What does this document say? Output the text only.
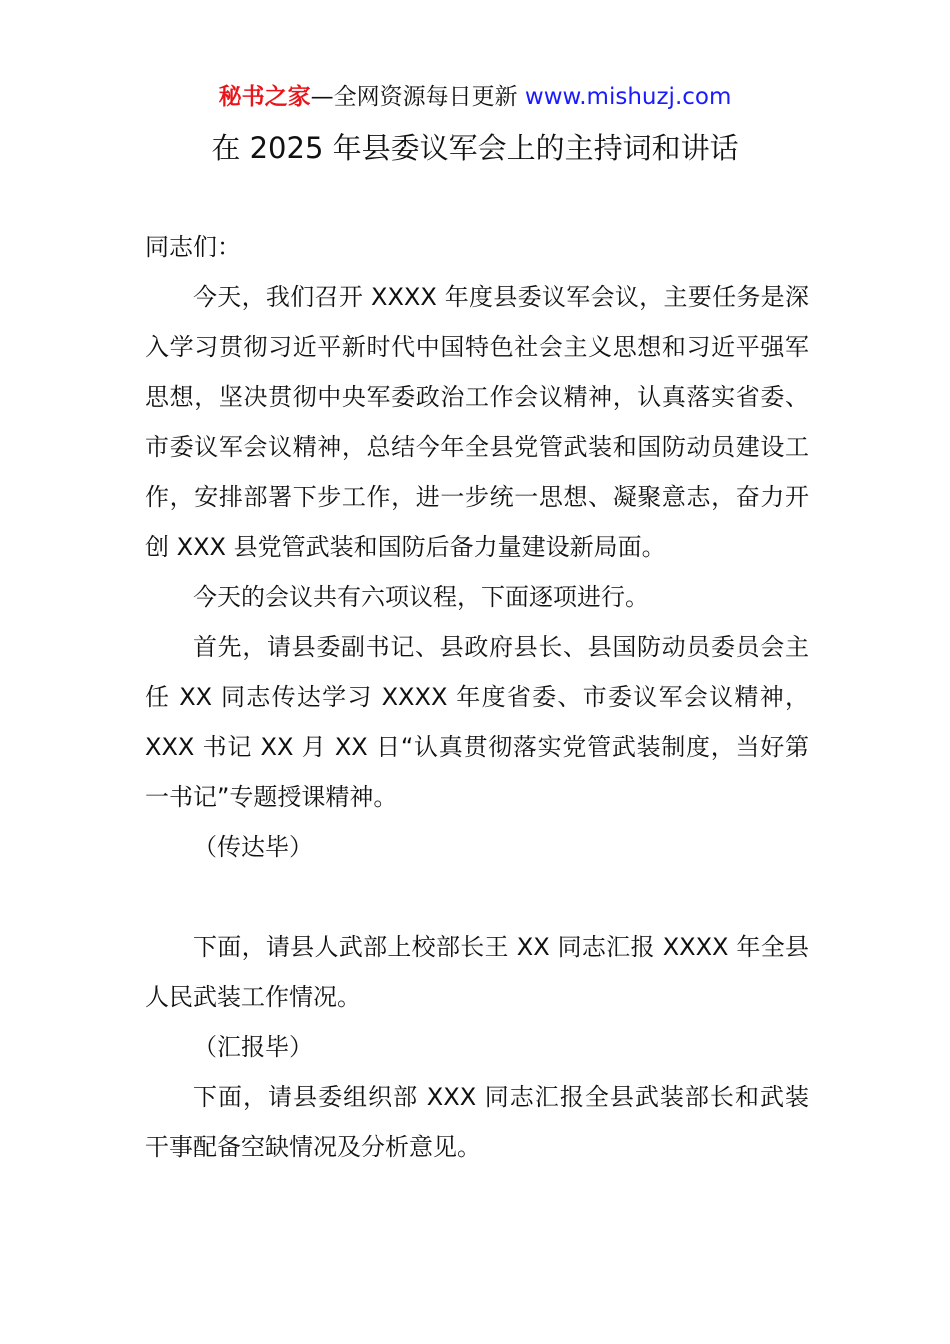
秘书之家—全网资源每日更新 www.mishuzj.com
在 2025 年县委议军会上的主持词和讲话

同志们：

今天，我们召开 XXXX 年度县委议军会议，主要任务是深入学习贯彻习近平新时代中国特色社会主义思想和习近平强军思想，坚决贯彻中央军委政治工作会议精神，认真落实省委、市委议军会议精神，总结今年全县党管武装和国防动员建设工作，安排部署下步工作，进一步统一思想、凝聚意志，奋力开创 XXX 县党管武装和国防后备力量建设新局面。

今天的会议共有六项议程，下面逐项进行。

首先，请县委副书记、县政府县长、县国防动员委员会主任 XX 同志传达学习 XXXX 年度省委、市委议军会议精神，XXX 书记 XX 月 XX 日“认真贯彻落实党管武装制度，当好第一书记”专题授课精神。

（传达毕）

下面，请县人武部上校部长王 XX 同志汇报 XXXX 年全县人民武装工作情况。

（汇报毕）

下面，请县委组织部 XXX 同志汇报全县武装部长和武装干事配备空缺情况及分析意见。
